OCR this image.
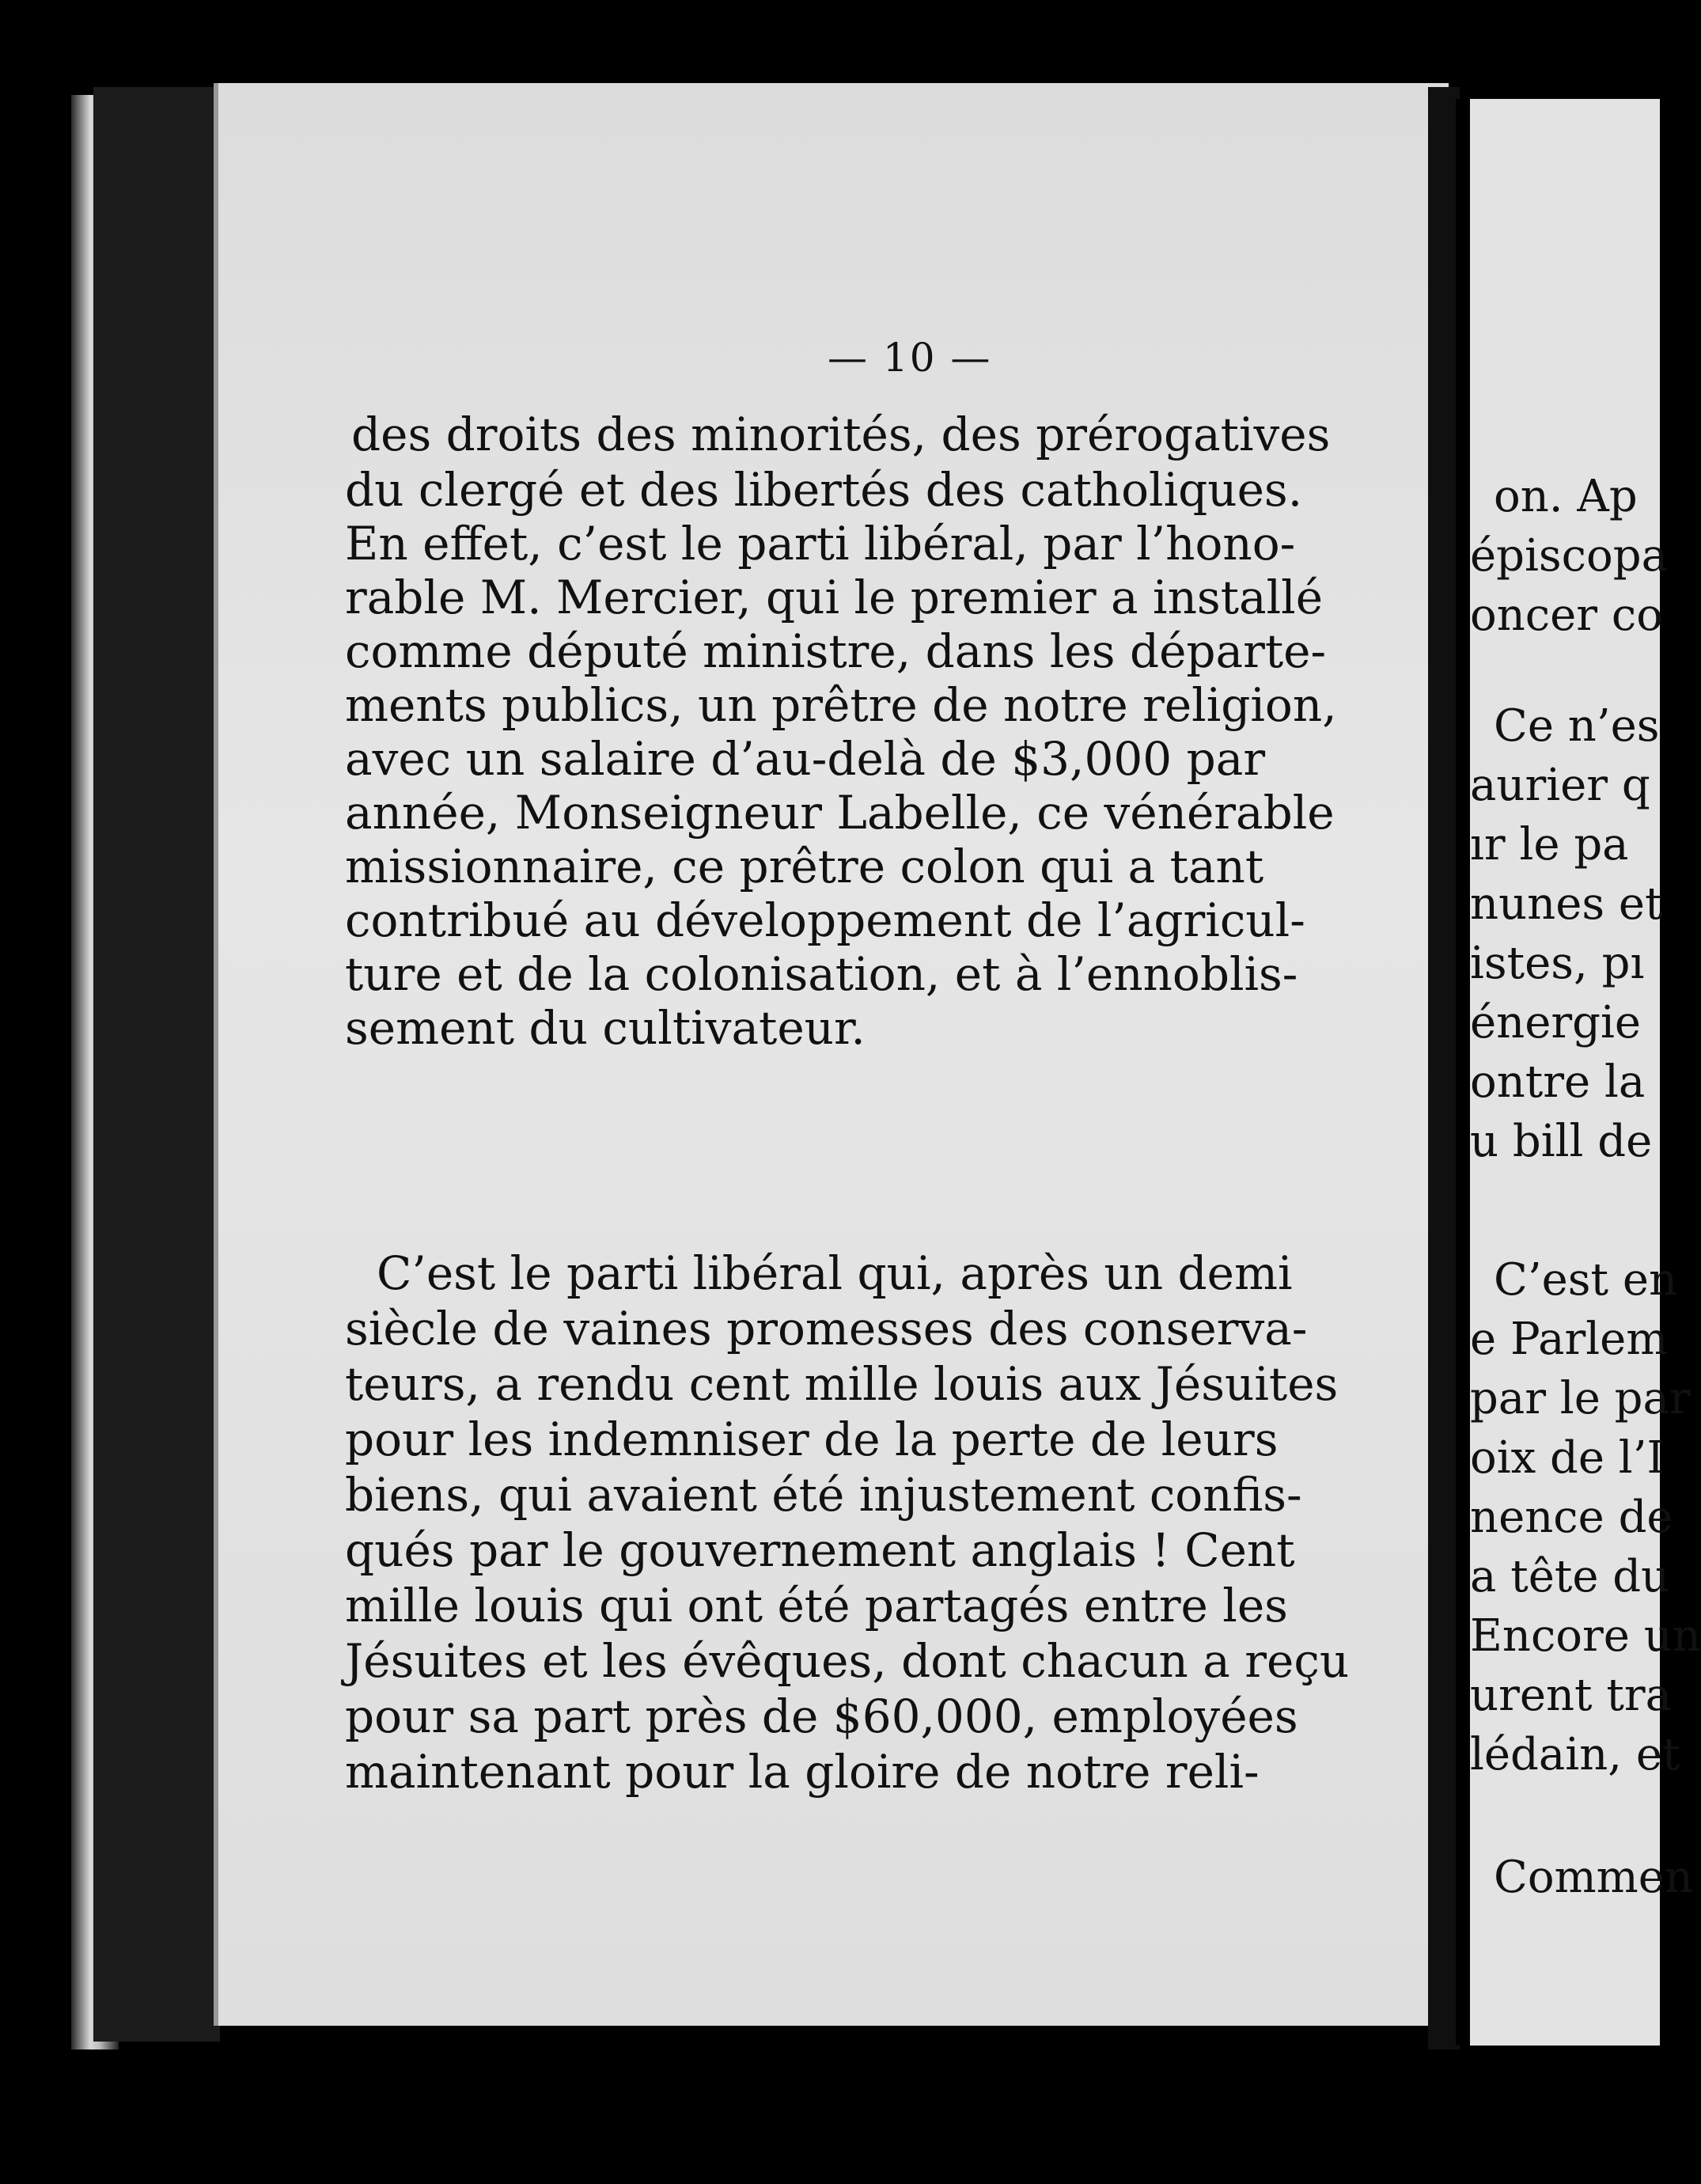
— 10 —
des droits des minorités, des prérogatives
du clergé et des libertés des catholiques.
En effet, c’est le parti libéral, par l’hono-
rable M. Mercier, qui le premier a installé
comme député ministre, dans les départe-
ments publics, un prêtre de notre religion,
avec un salaire d’au-delà de $3,000 par
année, Monseigneur Labelle, ce vénérable
missionnaire, ce prêtre colon qui a tant
contribué au développement de l’agricul-
ture et de la colonisation, et à l’ennoblis-
sement du cultivateur.
C’est le parti libéral qui, après un demi
siècle de vaines promesses des conserva-
teurs, a rendu cent mille louis aux Jésuites
pour les indemniser de la perte de leurs
biens, qui avaient été injustement confis-
qués par le gouvernement anglais ! Cent
mille louis qui ont été partagés entre les
Jésuites et les évêques, dont chacun a reçu
pour sa part près de $60,000, employées
maintenant pour la gloire de notre reli-
on. Ap
épiscopa
oncer co
Ce n’es
aurier q
ır le pa
nunes et
istes, pı
énergie
ontre la
u bill de
C’est en
e Parlem
par le par
oix de l’I
nence de
a tête du
Encore un
urent tra
lédain, et
Commen
